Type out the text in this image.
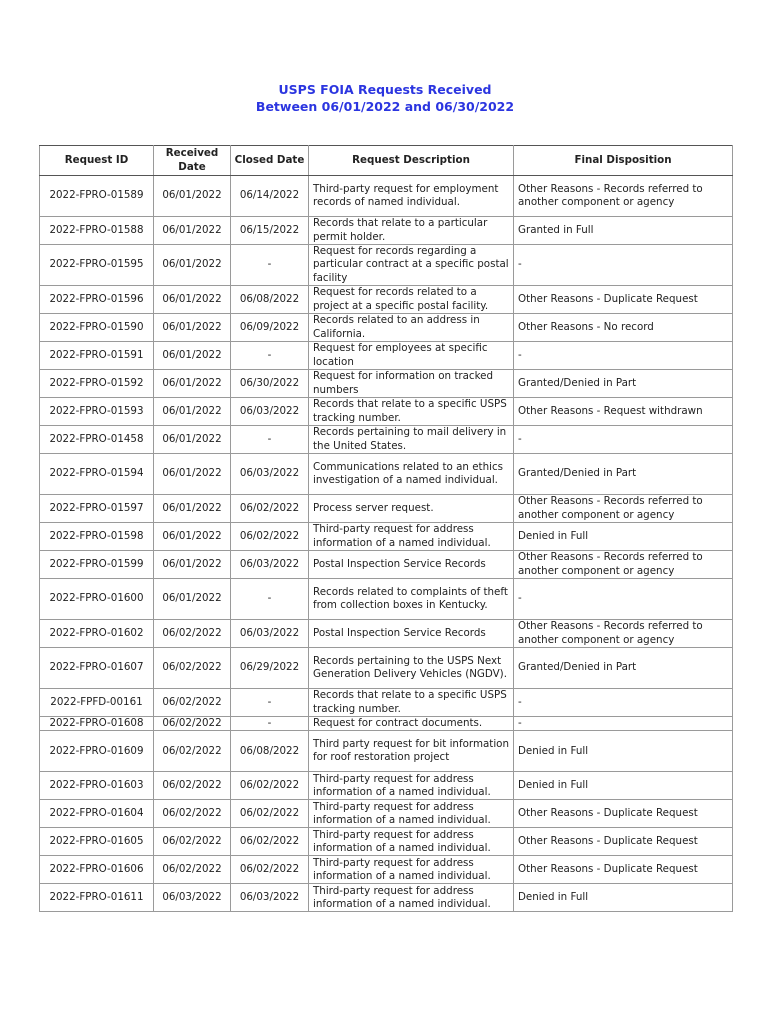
USPS FOIA Requests Received
Between 06/01/2022 and 06/30/2022
Request ID	Received Date	Closed Date	Request Description	Final Disposition
2022-FPRO-01589	06/01/2022	06/14/2022	Third-party request for employment records of named individual.	Other Reasons - Records referred to another component or agency
2022-FPRO-01588	06/01/2022	06/15/2022	Records that relate to a particular permit holder.	Granted in Full
2022-FPRO-01595	06/01/2022	-	Request for records regarding a particular contract at a specific postal facility	-
2022-FPRO-01596	06/01/2022	06/08/2022	Request for records related to a project at a specific postal facility.	Other Reasons - Duplicate Request
2022-FPRO-01590	06/01/2022	06/09/2022	Records related to an address in California.	Other Reasons - No record
2022-FPRO-01591	06/01/2022	-	Request for employees at specific location	-
2022-FPRO-01592	06/01/2022	06/30/2022	Request for information on tracked numbers	Granted/Denied in Part
2022-FPRO-01593	06/01/2022	06/03/2022	Records that relate to a specific USPS tracking number.	Other Reasons - Request withdrawn
2022-FPRO-01458	06/01/2022	-	Records pertaining to mail delivery in the United States.	-
2022-FPRO-01594	06/01/2022	06/03/2022	Communications related to an ethics investigation of a named individual.	Granted/Denied in Part
2022-FPRO-01597	06/01/2022	06/02/2022	Process server request.	Other Reasons - Records referred to another component or agency
2022-FPRO-01598	06/01/2022	06/02/2022	Third-party request for address information of a named individual.	Denied in Full
2022-FPRO-01599	06/01/2022	06/03/2022	Postal Inspection Service Records	Other Reasons - Records referred to another component or agency
2022-FPRO-01600	06/01/2022	-	Records related to complaints of theft from collection boxes in Kentucky.	-
2022-FPRO-01602	06/02/2022	06/03/2022	Postal Inspection Service Records	Other Reasons - Records referred to another component or agency
2022-FPRO-01607	06/02/2022	06/29/2022	Records pertaining to the USPS Next Generation Delivery Vehicles (NGDV).	Granted/Denied in Part
2022-FPFD-00161	06/02/2022	-	Records that relate to a specific USPS tracking number.	-
2022-FPRO-01608	06/02/2022	-	Request for contract documents.	-
2022-FPRO-01609	06/02/2022	06/08/2022	Third party request for bit information for roof restoration project	Denied in Full
2022-FPRO-01603	06/02/2022	06/02/2022	Third-party request for address information of a named individual.	Denied in Full
2022-FPRO-01604	06/02/2022	06/02/2022	Third-party request for address information of a named individual.	Other Reasons - Duplicate Request
2022-FPRO-01605	06/02/2022	06/02/2022	Third-party request for address information of a named individual.	Other Reasons - Duplicate Request
2022-FPRO-01606	06/02/2022	06/02/2022	Third-party request for address information of a named individual.	Other Reasons - Duplicate Request
2022-FPRO-01611	06/03/2022	06/03/2022	Third-party request for address information of a named individual.	Denied in Full
